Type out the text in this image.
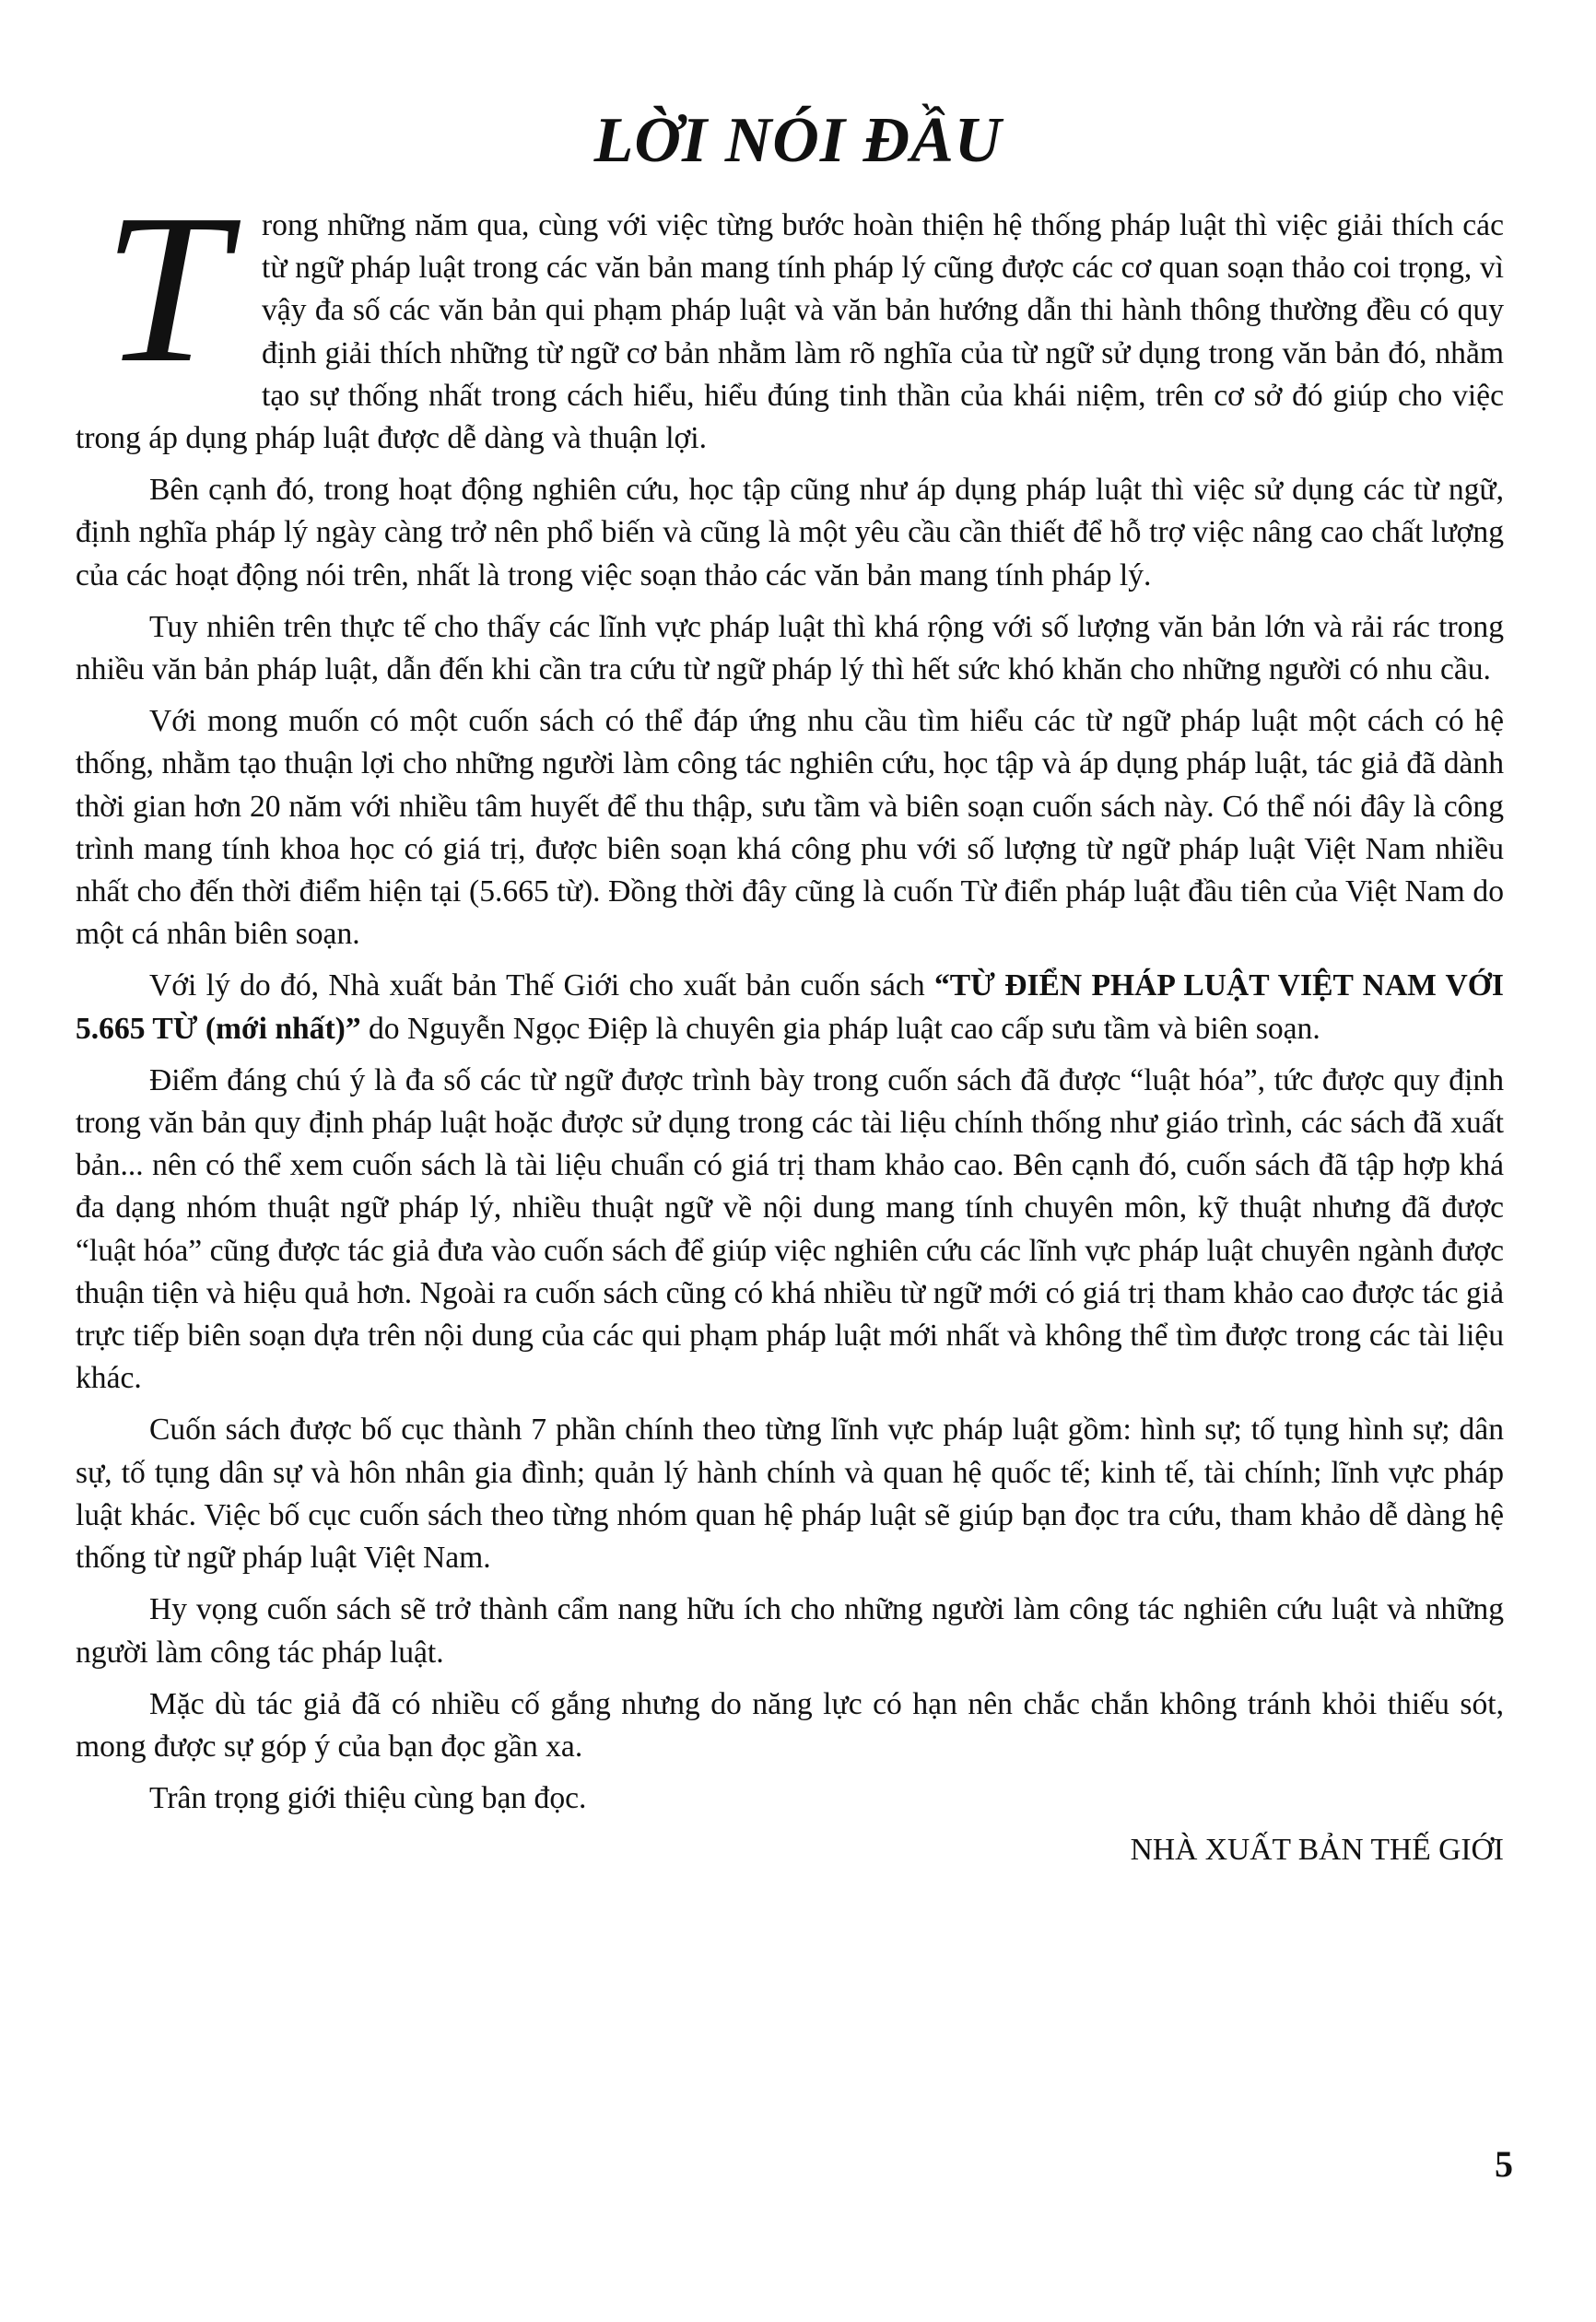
LỜI NÓI ĐẦU

T	rong những năm qua, cùng với việc từng bước hoàn thiện hệ thống pháp luật thì việc giải thích các từ ngữ pháp luật trong các văn bản mang tính pháp lý cũng được các cơ quan soạn thảo coi trọng, vì vậy đa số các văn bản qui phạm pháp luật và văn bản hướng dẫn thi hành thông thường đều có quy định giải thích những từ ngữ cơ bản nhằm làm rõ nghĩa của từ ngữ sử dụng trong văn bản đó, nhằm tạo sự thống nhất trong cách hiểu, hiểu đúng tinh thần của khái niệm, trên cơ sở đó giúp cho việc trong áp dụng pháp luật được dễ dàng và thuận lợi.

Bên cạnh đó, trong hoạt động nghiên cứu, học tập cũng như áp dụng pháp luật thì việc sử dụng các từ ngữ, định nghĩa pháp lý ngày càng trở nên phổ biến và cũng là một yêu cầu cần thiết để hỗ trợ việc nâng cao chất lượng của các hoạt động nói trên, nhất là trong việc soạn thảo các văn bản mang tính pháp lý.

Tuy nhiên trên thực tế cho thấy các lĩnh vực pháp luật thì khá rộng với số lượng văn bản lớn và rải rác trong nhiều văn bản pháp luật, dẫn đến khi cần tra cứu từ ngữ pháp lý thì hết sức khó khăn cho những người có nhu cầu.

Với mong muốn có một cuốn sách có thể đáp ứng nhu cầu tìm hiểu các từ ngữ pháp luật một cách có hệ thống, nhằm tạo thuận lợi cho những người làm công tác nghiên cứu, học tập và áp dụng pháp luật, tác giả đã dành thời gian hơn 20 năm với nhiều tâm huyết để thu thập, sưu tầm và biên soạn cuốn sách này. Có thể nói đây là công trình mang tính khoa học có giá trị, được biên soạn khá công phu với số lượng từ ngữ pháp luật Việt Nam nhiều nhất cho đến thời điểm hiện tại (5.665 từ). Đồng thời đây cũng là cuốn Từ điển pháp luật đầu tiên của Việt Nam do một cá nhân biên soạn.

Với lý do đó, Nhà xuất bản Thế Giới cho xuất bản cuốn sách “TỪ ĐIỂN PHÁP LUẬT VIỆT NAM VỚI 5.665 TỪ (mới nhất)” do Nguyễn Ngọc Điệp là chuyên gia pháp luật cao cấp sưu tầm và biên soạn.

Điểm đáng chú ý là đa số các từ ngữ được trình bày trong cuốn sách đã được “luật hóa”, tức được quy định trong văn bản quy định pháp luật hoặc được sử dụng trong các tài liệu chính thống như giáo trình, các sách đã xuất bản... nên có thể xem cuốn sách là tài liệu chuẩn có giá trị tham khảo cao. Bên cạnh đó, cuốn sách đã tập hợp khá đa dạng nhóm thuật ngữ pháp lý, nhiều thuật ngữ về nội dung mang tính chuyên môn, kỹ thuật nhưng đã được “luật hóa” cũng được tác giả đưa vào cuốn sách để giúp việc nghiên cứu các lĩnh vực pháp luật chuyên ngành được thuận tiện và hiệu quả hơn. Ngoài ra cuốn sách cũng có khá nhiều từ ngữ mới có giá trị tham khảo cao được tác giả trực tiếp biên soạn dựa trên nội dung của các qui phạm pháp luật mới nhất và không thể tìm được trong các tài liệu khác.

Cuốn sách được bố cục thành 7 phần chính theo từng lĩnh vực pháp luật gồm: hình sự; tố tụng hình sự; dân sự, tố tụng dân sự và hôn nhân gia đình; quản lý hành chính và quan hệ quốc tế; kinh tế, tài chính; lĩnh vực pháp luật khác. Việc bố cục cuốn sách theo từng nhóm quan hệ pháp luật sẽ giúp bạn đọc tra cứu, tham khảo dễ dàng hệ thống từ ngữ pháp luật Việt Nam.

Hy vọng cuốn sách sẽ trở thành cẩm nang hữu ích cho những người làm công tác nghiên cứu luật và những người làm công tác pháp luật.

Mặc dù tác giả đã có nhiều cố gắng nhưng do năng lực có hạn nên chắc chắn không tránh khỏi thiếu sót, mong được sự góp ý của bạn đọc gần xa.

Trân trọng giới thiệu cùng bạn đọc.

NHÀ XUẤT BẢN THẾ GIỚI

5
